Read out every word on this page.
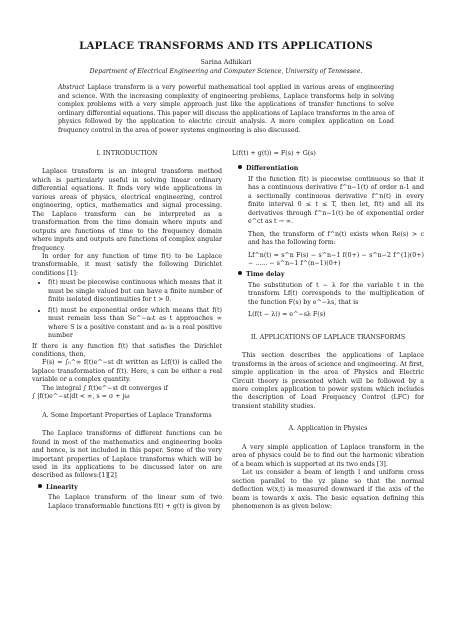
LAPLACE TRANSFORMS AND ITS APPLICATIONS
Sarina Adhikari
Department of Electrical Engineering and Computer Science, University of Tennessee.
Abstract Laplace transform is a very powerful mathematical tool applied in various areas of engineering and science. With the increasing complexity of engineering problems, Laplace transforms help in solving complex problems with a very simple approach just like the applications of transfer functions to solve ordinary differential equations. This paper will discuss the applications of Laplace transforms in the area of physics followed by the application to electric circuit analysis. A more complex application on Load frequency control in the area of power systems engineering is also discussed.
I. INTRODUCTION

Laplace transform is an integral transform method which is particularly useful in solving linear ordinary differential equations. It finds very wide applications in various areas of physics, electrical engineering, control engineering, optics, mathematics and signal processing. The Laplace transform can be interpreted as a transformation from the time domain where inputs and outputs are functions of time to the frequency domain where inputs and outputs are functions of complex angular frequency.

In order for any function of time f(t) to be Laplace transformable, it must satisfy the following Dirichlet conditions [1]:

• f(t) must be piecewise continuous which means that it must be single valued but can have a finite number of finite isolated discontinuities for t > 0.
• f(t) must be exponential order which means that f(t) must remain less than Se^−a₀t as t approaches ∞ where S is a positive constant and a₀ is a real positive number

If there is any function f(t) that satisfies the Dirichlet conditions, then,

F(s) = ∫₀^∞ f(t)e^−st dt written as L(f(t)) is called the laplace transformation of f(t). Here, s can be either a real variable or a complex quantity.

The integral ∫ f(t)e^−st dt converges if

∫ |f(t)e^−st|dt < ∞, s = σ + jω

A. Some Important Properties of Laplace Transforms

The Laplace transforms of different functions can be found in most of the mathematics and engineering books and hence, is not included in this paper. Some of the very important properties of Laplace transforms which will be used in its applications to be discussed later on are described as follows:[1][2]

Linearity
The Laplace transform of the linear sum of two Laplace transformable functions f(t) + g(t) is given by

L(f(t) + g(t)) = F(s) + G(s)

Differentiation
If the function f(t) is piecewise continuous so that it has a continuous derivative f^n−1(t) of order n-1 and a sectionally continuous derivative f^n(t) in every finite interval 0 ≤ t ≤ T, then let, f(t) and all its derivatives through f^n−1(t) be of exponential order e^ct as t → ∞.
Then, the transform of f^n(t) exists when Re(s) > c and has the following form:
Lf^n(t) = s^n F(s) − s^n−1 f(0+) − s^n−2 f^(1)(0+) − ...... − s^n−1 f^(n−1)(0+)
Time delay
The substitution of t − λ for the variable t in the transform Lf(t) corresponds to the multiplication of the function F(s) by e^−λs, that is
L(f(t − λ)) = e^−sλ F(s)
II. APPLICATIONS OF LAPLACE TRANSFORMS

This section describes the applications of Laplace transforms in the areas of science and engineering. At first, simple application in the area of Physics and Electric Circuit theory is presented which will be followed by a more complex application to power system which includes the description of Load Frequency Control (LFC) for transient stability studies.

A. Application in Physics

A very simple application of Laplace transform in the area of physics could be to find out the harmonic vibration of a beam which is supported at its two ends [3].

Let us consider a beam of length l and uniform cross section parallel to the yz plane so that the normal deflection w(x,t) is measured downward if the axis of the beam is towards x axis. The basic equation defining this phenomenon is as given below:
